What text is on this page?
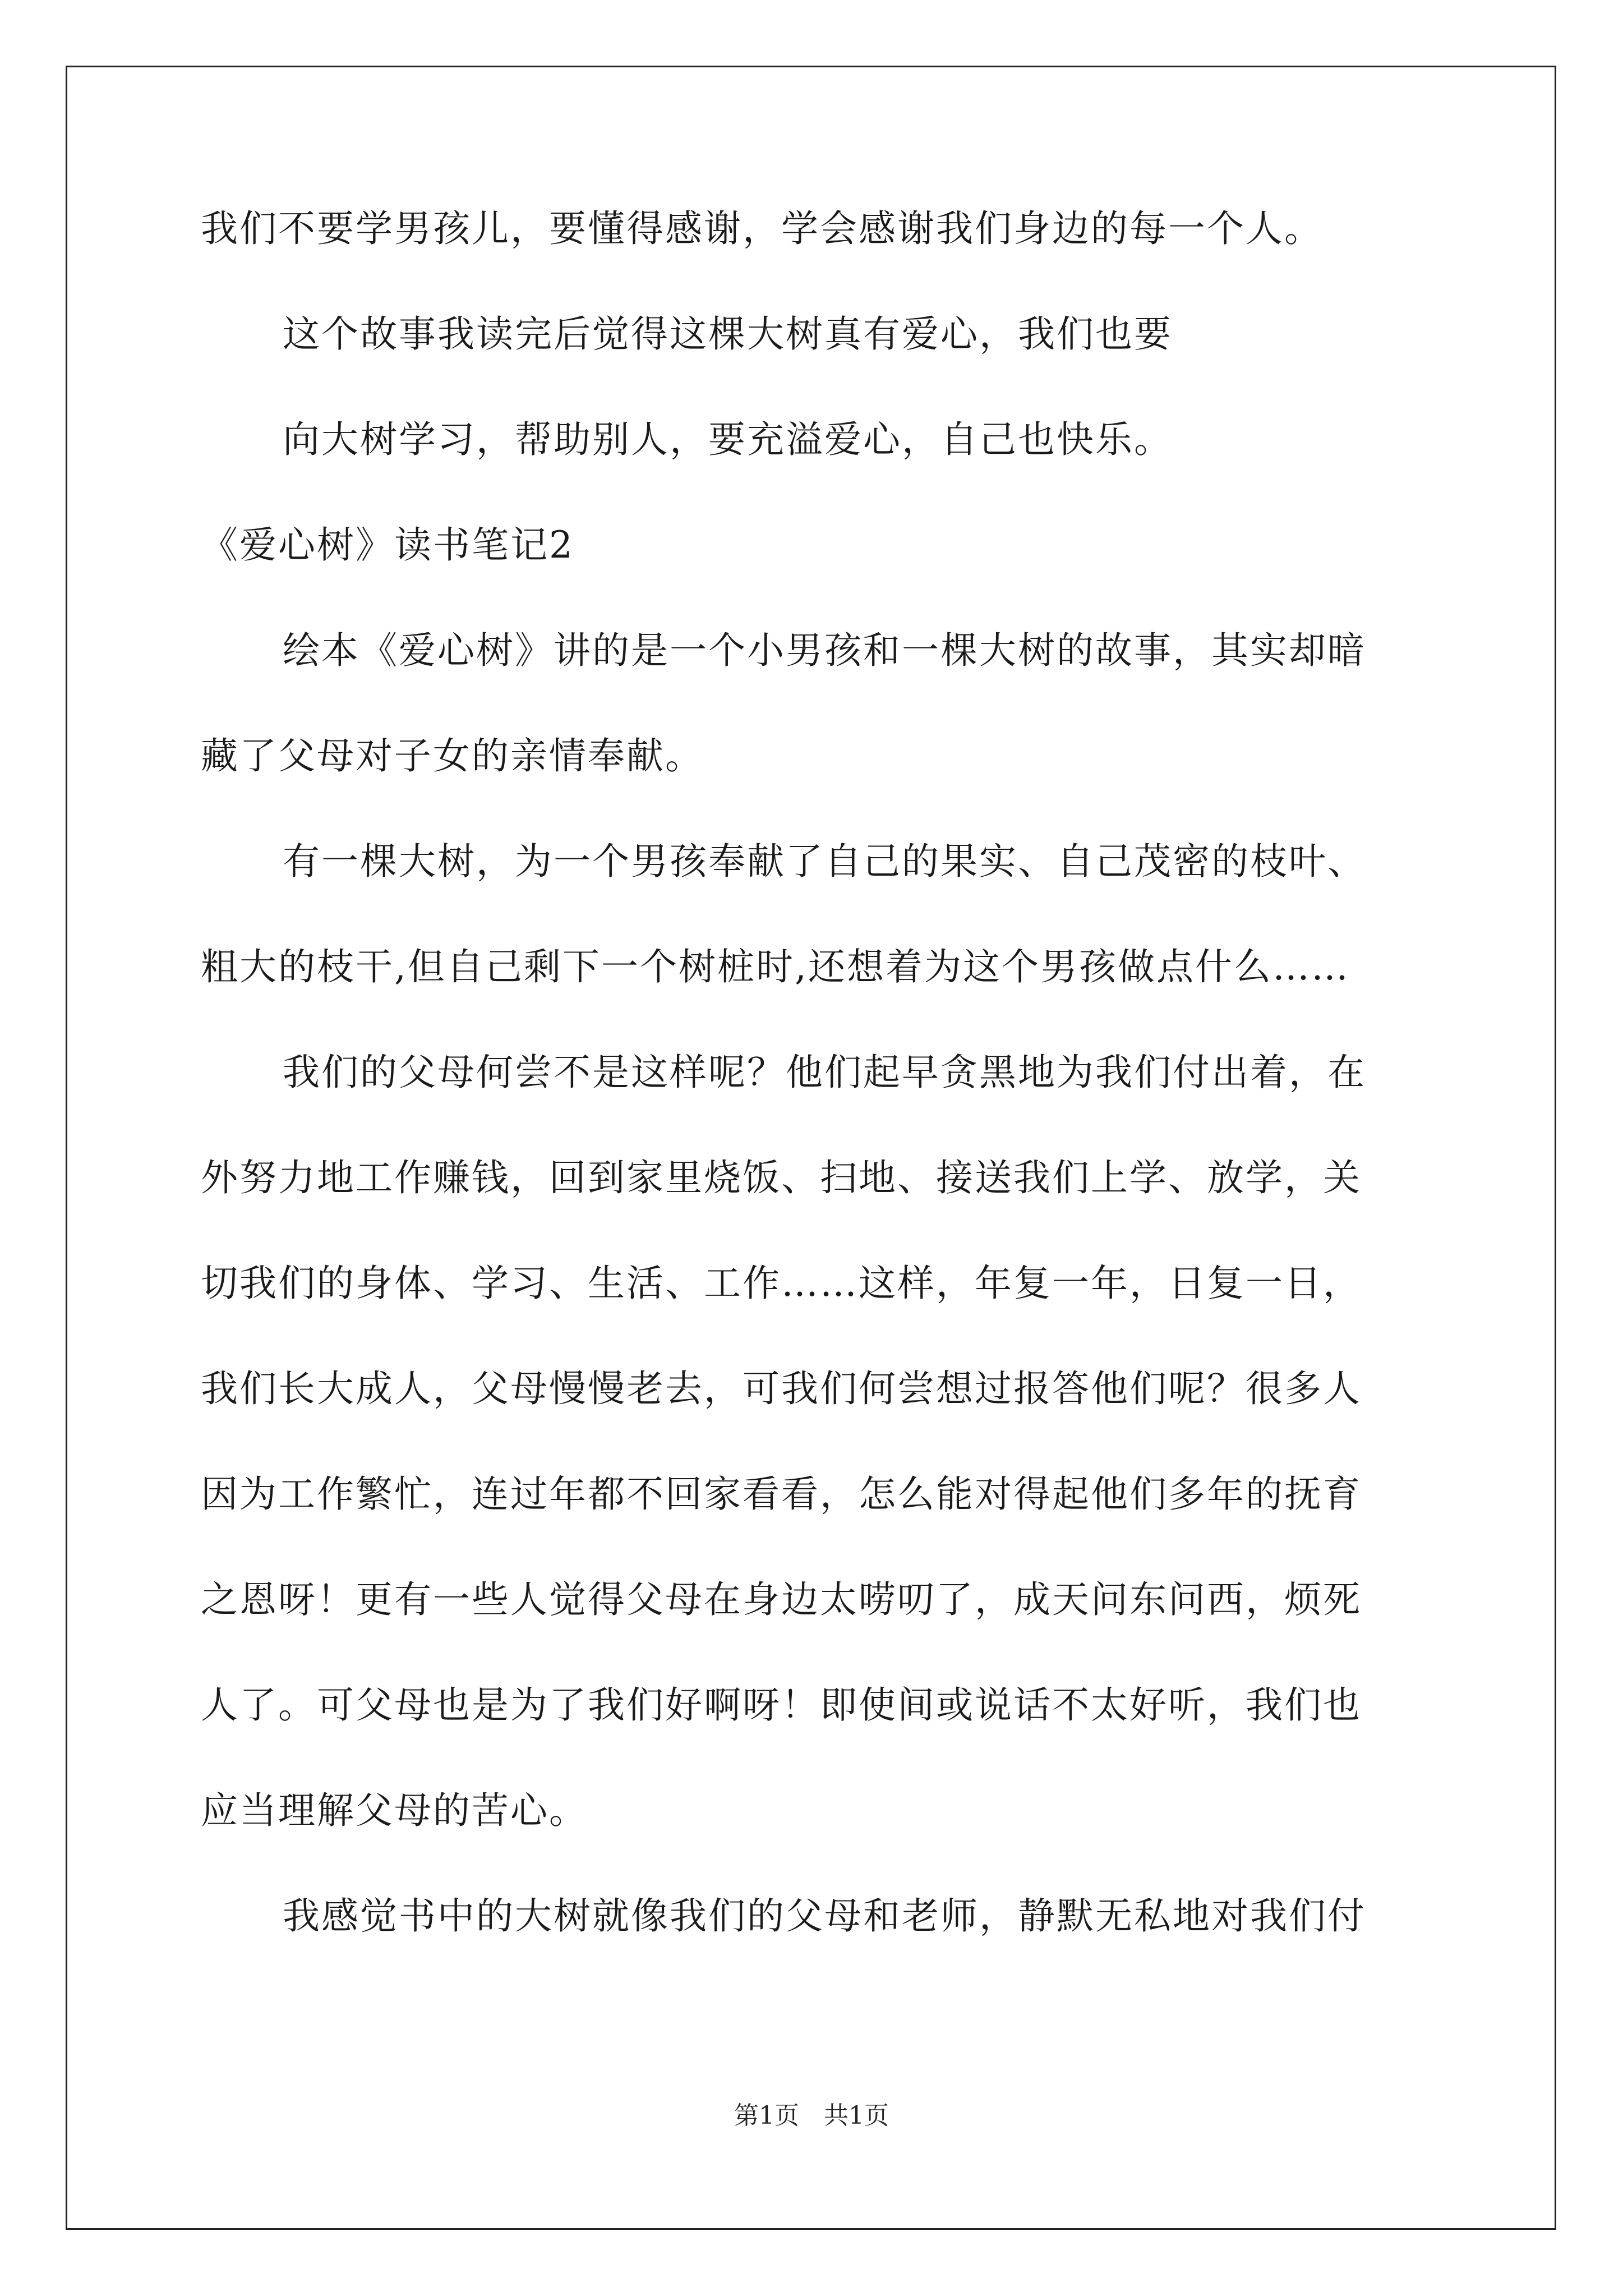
我们不要学男孩儿，要懂得感谢，学会感谢我们身边的每一个人。
这个故事我读完后觉得这棵大树真有爱心，我们也要
向大树学习，帮助别人，要充溢爱心，自己也快乐。
《爱心树》读书笔记2
绘本《爱心树》讲的是一个小男孩和一棵大树的故事，其实却暗
藏了父母对子女的亲情奉献。
有一棵大树，为一个男孩奉献了自己的果实、自己茂密的枝叶、
粗大的枝干,但自己剩下一个树桩时,还想着为这个男孩做点什么……
我们的父母何尝不是这样呢？他们起早贪黑地为我们付出着，在
外努力地工作赚钱，回到家里烧饭、扫地、接送我们上学、放学，关
切我们的身体、学习、生活、工作……这样，年复一年，日复一日，
我们长大成人，父母慢慢老去，可我们何尝想过报答他们呢？很多人
因为工作繁忙，连过年都不回家看看，怎么能对得起他们多年的抚育
之恩呀！更有一些人觉得父母在身边太唠叨了，成天问东问西，烦死
人了。可父母也是为了我们好啊呀！即使间或说话不太好听，我们也
应当理解父母的苦心。
我感觉书中的大树就像我们的父母和老师，静默无私地对我们付
第1页 共1页
